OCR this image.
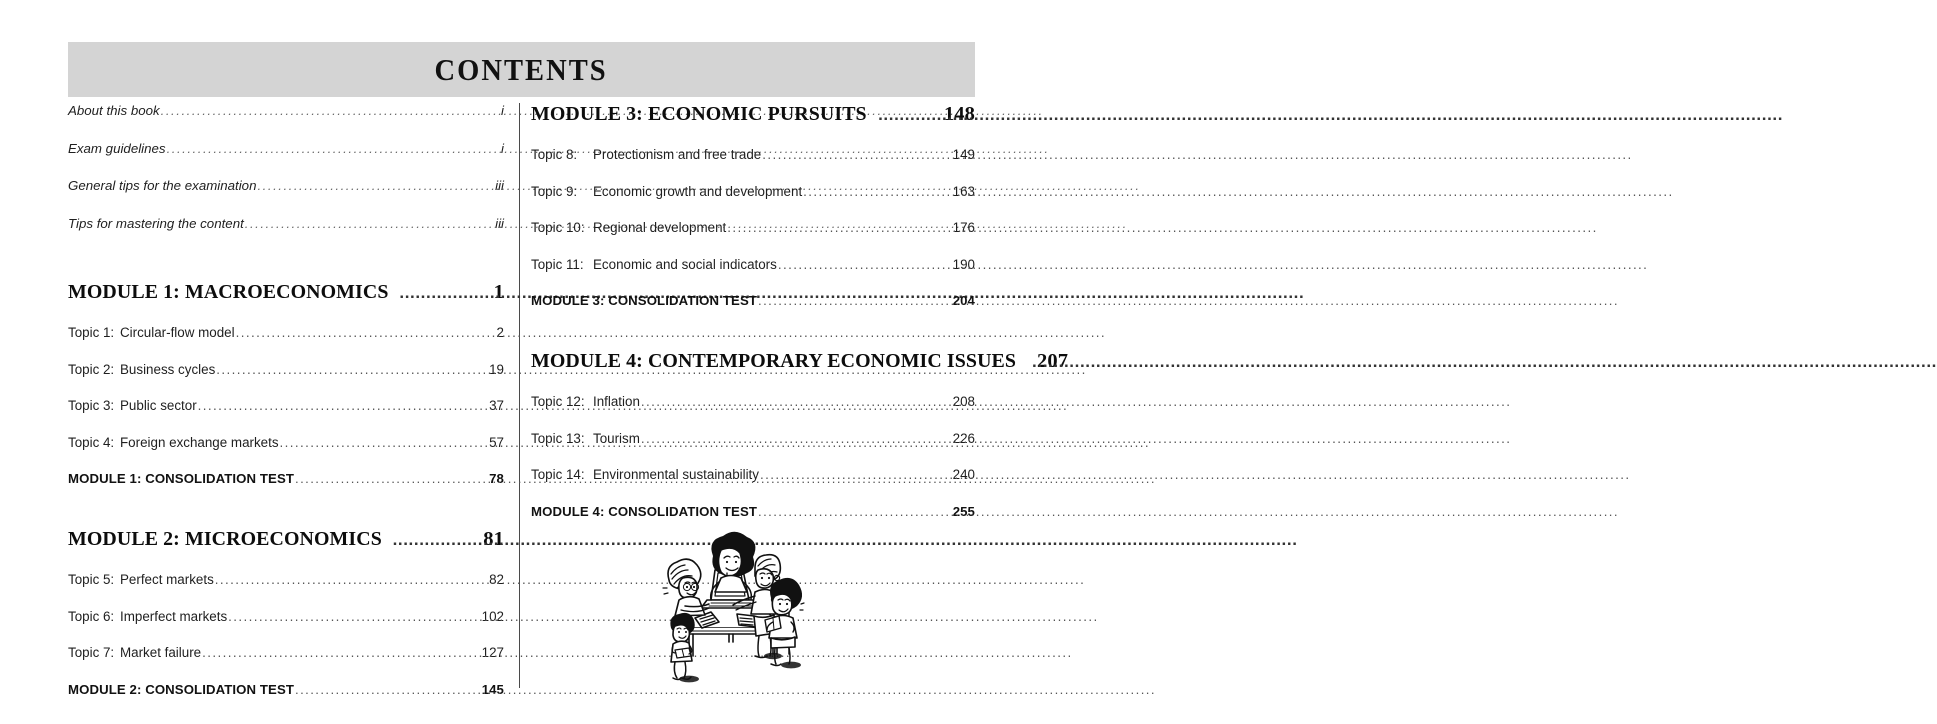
CONTENTS
About this book .....	i
Exam guidelines .....	i
General tips for the examination .....	iii
Tips for mastering the content .....	iii
MODULE 1: MACROECONOMICS .....	1
Topic 1: Circular-flow model .....	2
Topic 2: Business cycles .....	19
Topic 3: Public sector .....	37
Topic 4: Foreign exchange markets .....	57
MODULE 1: CONSOLIDATION TEST .....	78
MODULE 2: MICROECONOMICS .....	81
Topic 5: Perfect markets .....	82
Topic 6: Imperfect markets .....	102
Topic 7: Market failure .....	127
MODULE 2: CONSOLIDATION TEST .....	145
MODULE 3: ECONOMIC PURSUITS .....	148
Topic 8:	Protectionism and free trade .....	149
Topic 9:	Economic growth and development .....	163
Topic 10: Regional development .....	176
Topic 11: Economic and social indicators .....	190
MODULE 3: CONSOLIDATION TEST .....	204
MODULE 4: CONTEMPORARY ECONOMIC ISSUES ..... 207
Topic 12: Inflation .....	208
Topic 13: Tourism .....	226
Topic 14: Environmental sustainability .....	240
MODULE 4: CONSOLIDATION TEST .....	255
